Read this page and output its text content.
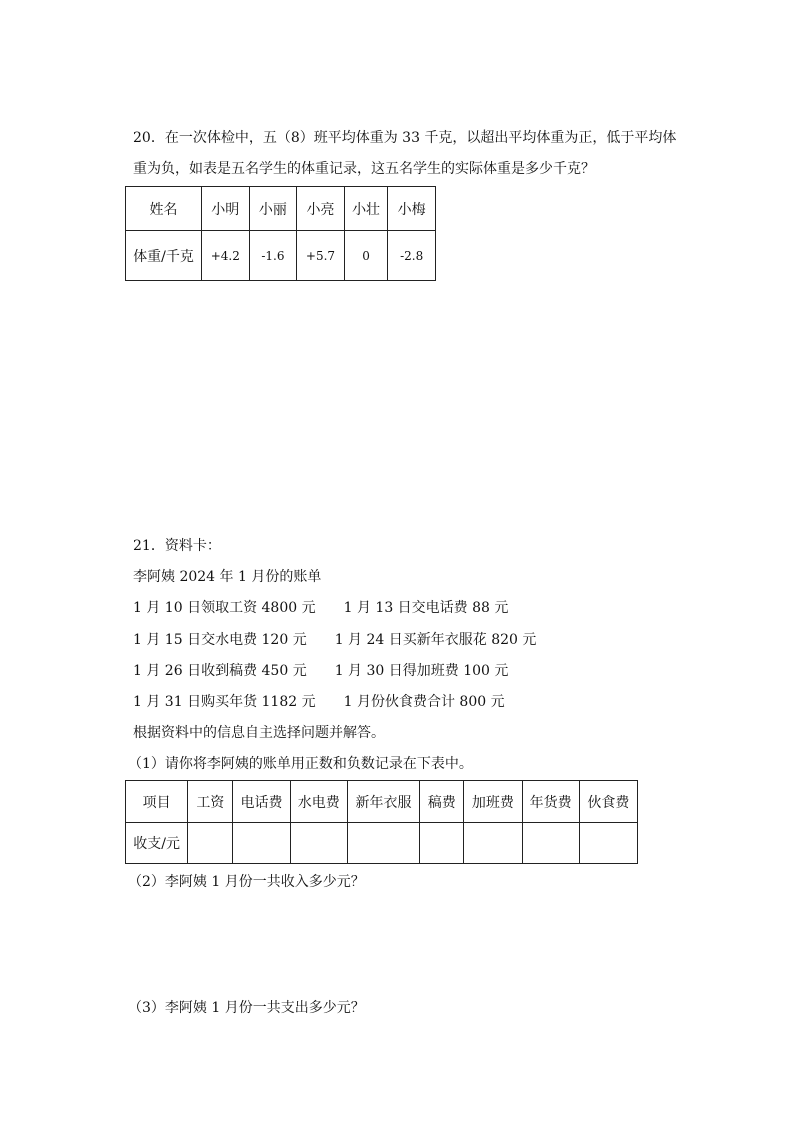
20．在一次体检中，五（8）班平均体重为 33 千克，以超出平均体重为正，低于平均体
重为负，如表是五名学生的体重记录，这五名学生的实际体重是多少千克？
姓名	小明	小丽	小亮	小壮	小梅
体重/千克	+4.2	-1.6	+5.7	0	-2.8
21．资料卡：
李阿姨 2024 年 1 月份的账单
1 月 10 日领取工资 4800 元 1 月 13 日交电话费 88 元
1 月 15 日交水电费 120 元 1 月 24 日买新年衣服花 820 元
1 月 26 日收到稿费 450 元 1 月 30 日得加班费 100 元
1 月 31 日购买年货 1182 元 1 月份伙食费合计 800 元
根据资料中的信息自主选择问题并解答。
（1）请你将李阿姨的账单用正数和负数记录在下表中。
项目	工资	电话费	水电费	新年衣服	稿费	加班费	年货费	伙食费
收支/元								
（2）李阿姨 1 月份一共收入多少元？
（3）李阿姨 1 月份一共支出多少元？
